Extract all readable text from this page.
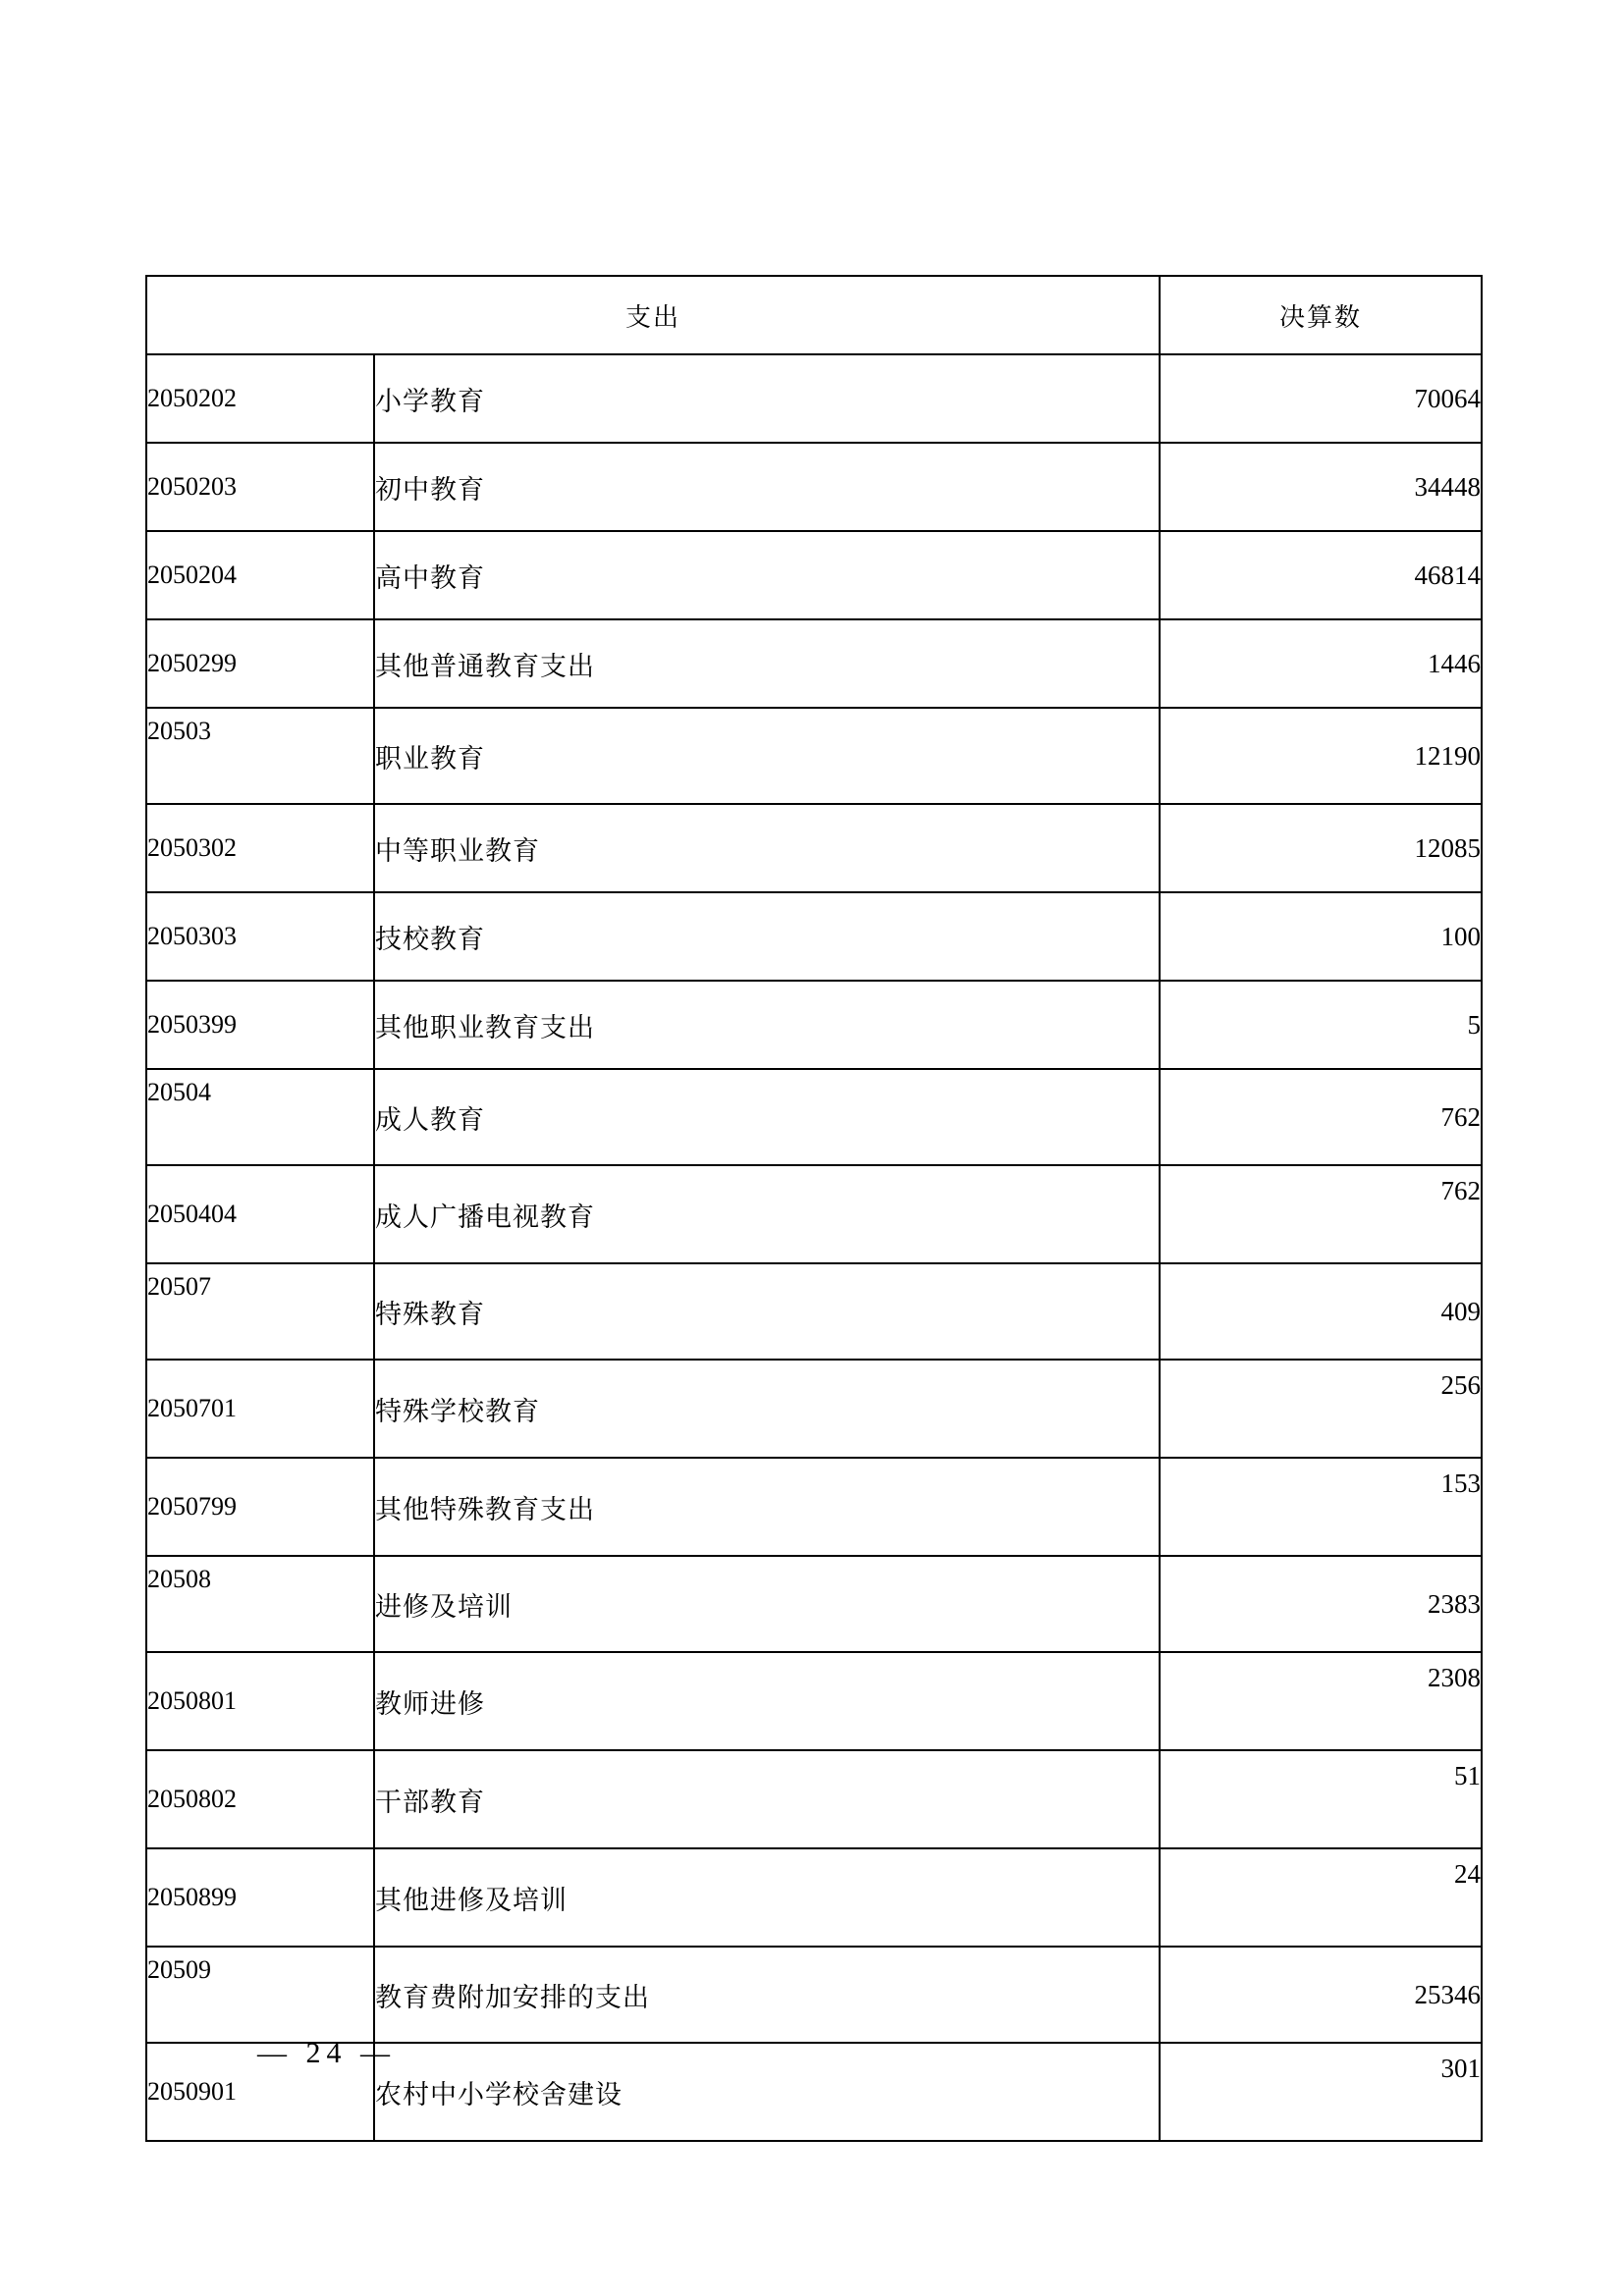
支出		决算数
2050202	小学教育	70064
2050203	初中教育	34448
2050204	高中教育	46814
2050299	其他普通教育支出	1446
20503	职业教育	12190
2050302	中等职业教育	12085
2050303	技校教育	100
2050399	其他职业教育支出	5
20504	成人教育	762
2050404	成人广播电视教育	762
20507	特殊教育	409
2050701	特殊学校教育	256
2050799	其他特殊教育支出	153
20508	进修及培训	2383
2050801	教师进修	2308
2050802	干部教育	51
2050899	其他进修及培训	24
20509	教育费附加安排的支出	25346
2050901	农村中小学校舍建设	301
— 24 —
